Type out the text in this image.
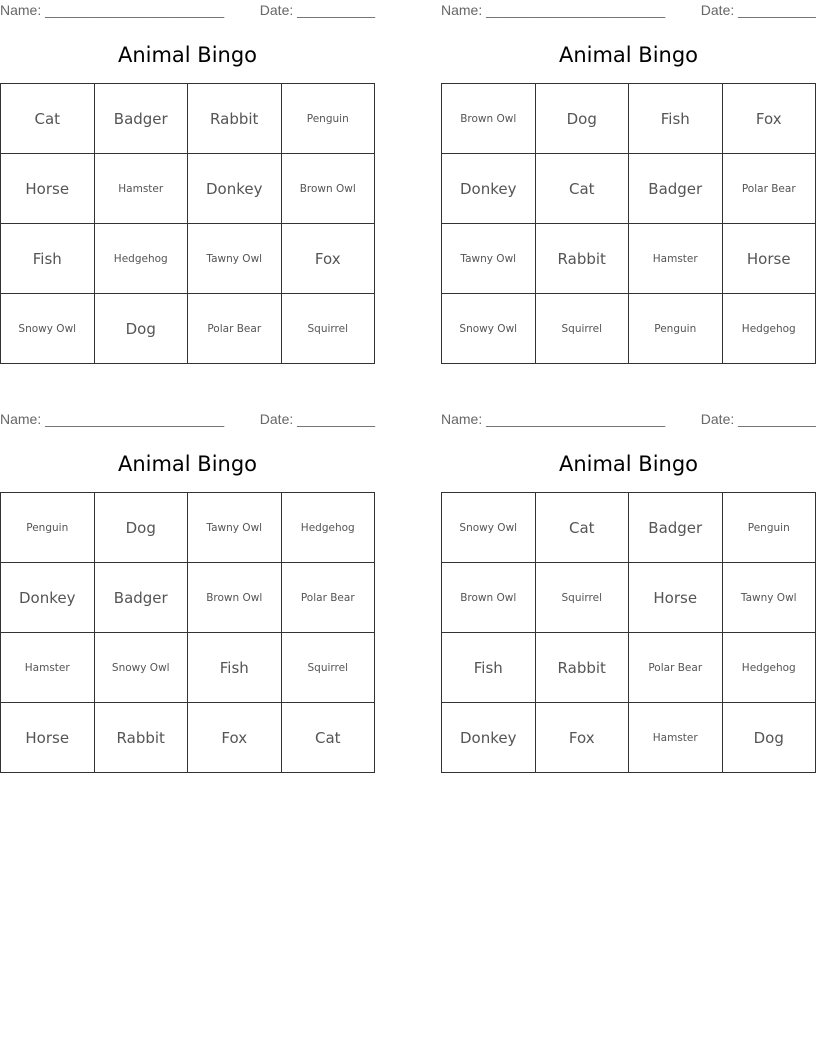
Name: _______________________	Date: __________
Animal Bingo
Cat	Badger	Rabbit	Penguin
Horse	Hamster	Donkey	Brown Owl
Fish	Hedgehog	Tawny Owl	Fox
Snowy Owl	Dog	Polar Bear	Squirrel
Name: _______________________	Date: __________
Animal Bingo
Brown Owl	Dog	Fish	Fox
Donkey	Cat	Badger	Polar Bear
Tawny Owl	Rabbit	Hamster	Horse
Snowy Owl	Squirrel	Penguin	Hedgehog
Name: _______________________	Date: __________
Animal Bingo
Penguin	Dog	Tawny Owl	Hedgehog
Donkey	Badger	Brown Owl	Polar Bear
Hamster	Snowy Owl	Fish	Squirrel
Horse	Rabbit	Fox	Cat
Name: _______________________	Date: __________
Animal Bingo
Snowy Owl	Cat	Badger	Penguin
Brown Owl	Squirrel	Horse	Tawny Owl
Fish	Rabbit	Polar Bear	Hedgehog
Donkey	Fox	Hamster	Dog
